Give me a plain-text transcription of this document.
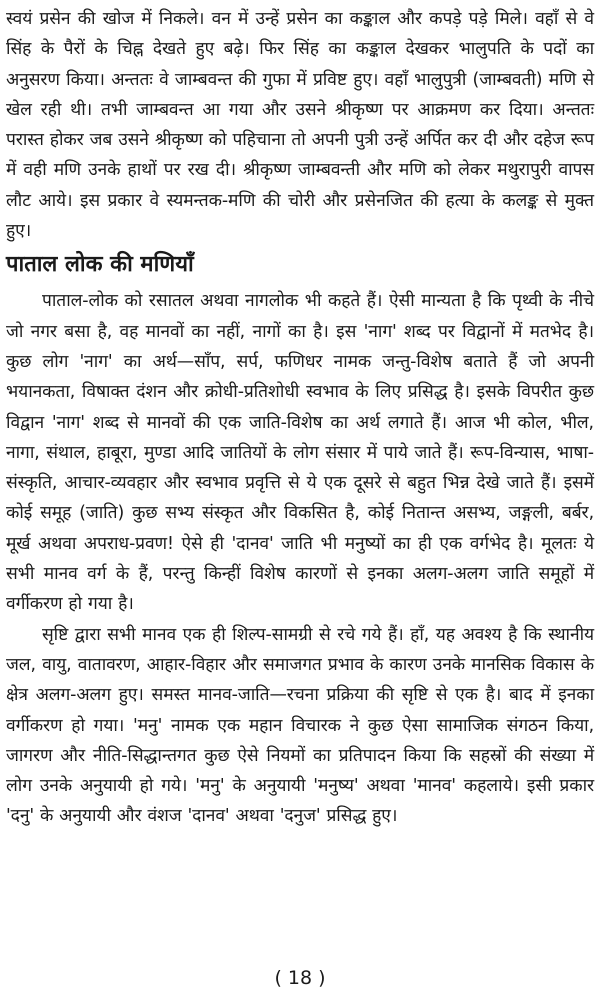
स्वयं प्रसेन की खोज में निकले। वन में उन्हें प्रसेन का कङ्काल और कपड़े पड़े मिले। वहाँ से वे सिंह के पैरों के चिह्न देखते हुए बढ़े। फिर सिंह का कङ्काल देखकर भालुपति के पदों का अनुसरण किया। अन्ततः वे जाम्बवन्त की गुफा में प्रविष्ट हुए। वहाँ भालुपुत्री (जाम्बवती) मणि से खेल रही थी। तभी जाम्बवन्त आ गया और उसने श्रीकृष्ण पर आक्रमण कर दिया। अन्ततः परास्त होकर जब उसने श्रीकृष्ण को पहिचाना तो अपनी पुत्री उन्हें अर्पित कर दी और दहेज रूप में वही मणि उनके हाथों पर रख दी। श्रीकृष्ण जाम्बवन्ती और मणि को लेकर मथुरापुरी वापस लौट आये। इस प्रकार वे स्यमन्तक-मणि की चोरी और प्रसेनजित की हत्या के कलङ्क से मुक्त हुए।

पाताल लोक की मणियाँ

पाताल-लोक को रसातल अथवा नागलोक भी कहते हैं। ऐसी मान्यता है कि पृथ्वी के नीचे जो नगर बसा है, वह मानवों का नहीं, नागों का है। इस 'नाग' शब्द पर विद्वानों में मतभेद है। कुछ लोग 'नाग' का अर्थ—साँप, सर्प, फणिधर नामक जन्तु-विशेष बताते हैं जो अपनी भयानकता, विषाक्त दंशन और क्रोधी-प्रतिशोधी स्वभाव के लिए प्रसिद्ध है। इसके विपरीत कुछ विद्वान 'नाग' शब्द से मानवों की एक जाति-विशेष का अर्थ लगाते हैं। आज भी कोल, भील, नागा, संथाल, हाबूरा, मुण्डा आदि जातियों के लोग संसार में पाये जाते हैं। रूप-विन्यास, भाषा-संस्कृति, आचार-व्यवहार और स्वभाव प्रवृत्ति से ये एक दूसरे से बहुत भिन्न देखे जाते हैं। इसमें कोई समूह (जाति) कुछ सभ्य संस्कृत और विकसित है, कोई नितान्त असभ्य, जङ्गली, बर्बर, मूर्ख अथवा अपराध-प्रवण! ऐसे ही 'दानव' जाति भी मनुष्यों का ही एक वर्गभेद है। मूलतः ये सभी मानव वर्ग के हैं, परन्तु किन्हीं विशेष कारणों से इनका अलग-अलग जाति समूहों में वर्गीकरण हो गया है।

सृष्टि द्वारा सभी मानव एक ही शिल्प-सामग्री से रचे गये हैं। हाँ, यह अवश्य है कि स्थानीय जल, वायु, वातावरण, आहार-विहार और समाजगत प्रभाव के कारण उनके मानसिक विकास के क्षेत्र अलग-अलग हुए। समस्त मानव-जाति—रचना प्रक्रिया की सृष्टि से एक है। बाद में इनका वर्गीकरण हो गया। 'मनु' नामक एक महान विचारक ने कुछ ऐसा सामाजिक संगठन किया, जागरण और नीति-सिद्धान्तगत कुछ ऐसे नियमों का प्रतिपादन किया कि सहस्रों की संख्या में लोग उनके अनुयायी हो गये। 'मनु' के अनुयायी 'मनुष्य' अथवा 'मानव' कहलाये। इसी प्रकार 'दनु' के अनुयायी और वंशज 'दानव' अथवा 'दनुज' प्रसिद्ध हुए।

( 18 )
